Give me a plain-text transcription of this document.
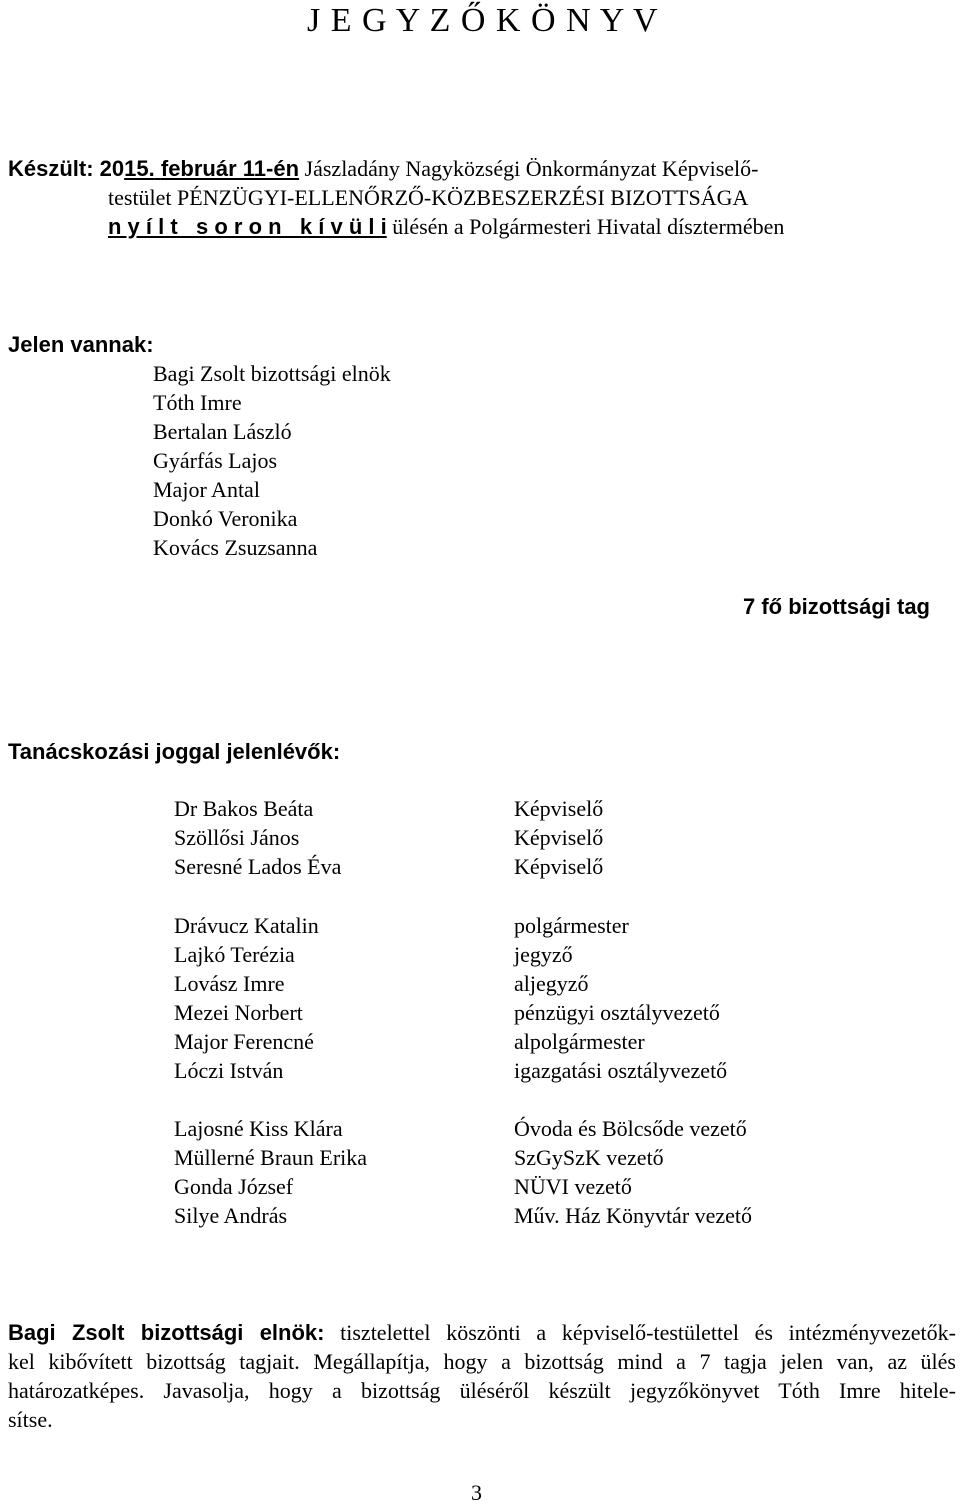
J E G Y Z Ő K Ö N Y V
Készült: 2015. február 11-én Jászladány Nagyközségi Önkormányzat Képviselő-
testület PÉNZÜGYI-ELLENŐRZŐ-KÖZBESZERZÉSI BIZOTTSÁGA
n y í l t   s o r o n   k í v ü l i ülésén a Polgármesteri Hivatal dísztermében
Jelen vannak:
Bagi Zsolt bizottsági elnök
Tóth Imre
Bertalan László
Gyárfás Lajos
Major Antal
Donkó Veronika
Kovács Zsuzsanna
7 fő bizottsági tag
Tanácskozási joggal jelenlévők:
Dr Bakos Beáta
Szöllősi János
Seresné Lados Éva
Képviselő
Képviselő
Képviselő
Drávucz Katalin
Lajkó Terézia
Lovász Imre
Mezei Norbert
Major Ferencné
Lóczi István
polgármester
jegyző
aljegyző
pénzügyi osztályvezető
alpolgármester
igazgatási osztályvezető
Lajosné Kiss Klára
Müllerné Braun Erika
Gonda József
Silye András
Óvoda és Bölcsőde vezető
SzGySzK vezető
NÜVI vezető
Műv. Ház Könyvtár vezető
Bagi Zsolt bizottsági elnök: tisztelettel köszönti a képviselő-testülettel és intézményvezetők-
kel kibővített bizottság tagjait. Megállapítja, hogy a bizottság mind a 7 tagja jelen van, az ülés
határozatképes. Javasolja, hogy a bizottság üléséről készült jegyzőkönyvet Tóth Imre hitele-
sítse.
3
